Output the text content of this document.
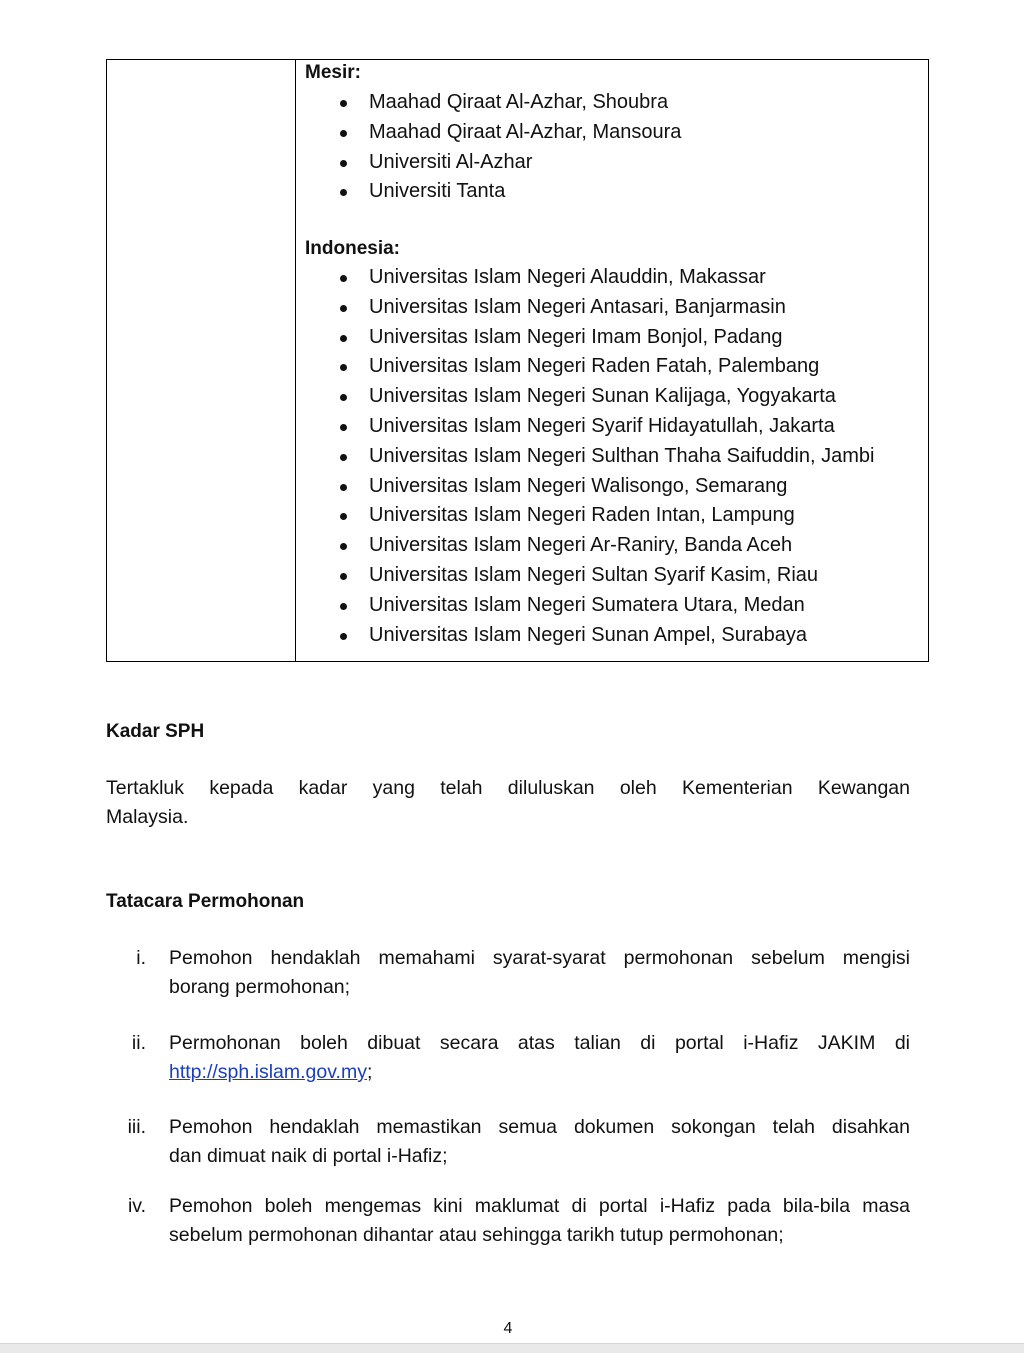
Mesir:
Maahad Qiraat Al-Azhar, Shoubra
Maahad Qiraat Al-Azhar, Mansoura
Universiti Al-Azhar
Universiti Tanta
Indonesia:
Universitas Islam Negeri Alauddin, Makassar
Universitas Islam Negeri Antasari, Banjarmasin
Universitas Islam Negeri Imam Bonjol, Padang
Universitas Islam Negeri Raden Fatah, Palembang
Universitas Islam Negeri Sunan Kalijaga, Yogyakarta
Universitas Islam Negeri Syarif Hidayatullah, Jakarta
Universitas Islam Negeri Sulthan Thaha Saifuddin, Jambi
Universitas Islam Negeri Walisongo, Semarang
Universitas Islam Negeri Raden Intan, Lampung
Universitas Islam Negeri Ar-Raniry, Banda Aceh
Universitas Islam Negeri Sultan Syarif Kasim, Riau
Universitas Islam Negeri Sumatera Utara, Medan
Universitas Islam Negeri Sunan Ampel, Surabaya
Kadar SPH
Tertakluk kepada kadar yang telah diluluskan oleh Kementerian Kewangan
Malaysia.
Tatacara Permohonan
i. Pemohon hendaklah memahami syarat-syarat permohonan sebelum mengisi
borang permohonan;
ii. Permohonan boleh dibuat secara atas talian di portal i-Hafiz JAKIM di
http://sph.islam.gov.my;
iii. Pemohon hendaklah memastikan semua dokumen sokongan telah disahkan
dan dimuat naik di portal i-Hafiz;
iv. Pemohon boleh mengemas kini maklumat di portal i-Hafiz pada bila-bila masa
sebelum permohonan dihantar atau sehingga tarikh tutup permohonan;
4
